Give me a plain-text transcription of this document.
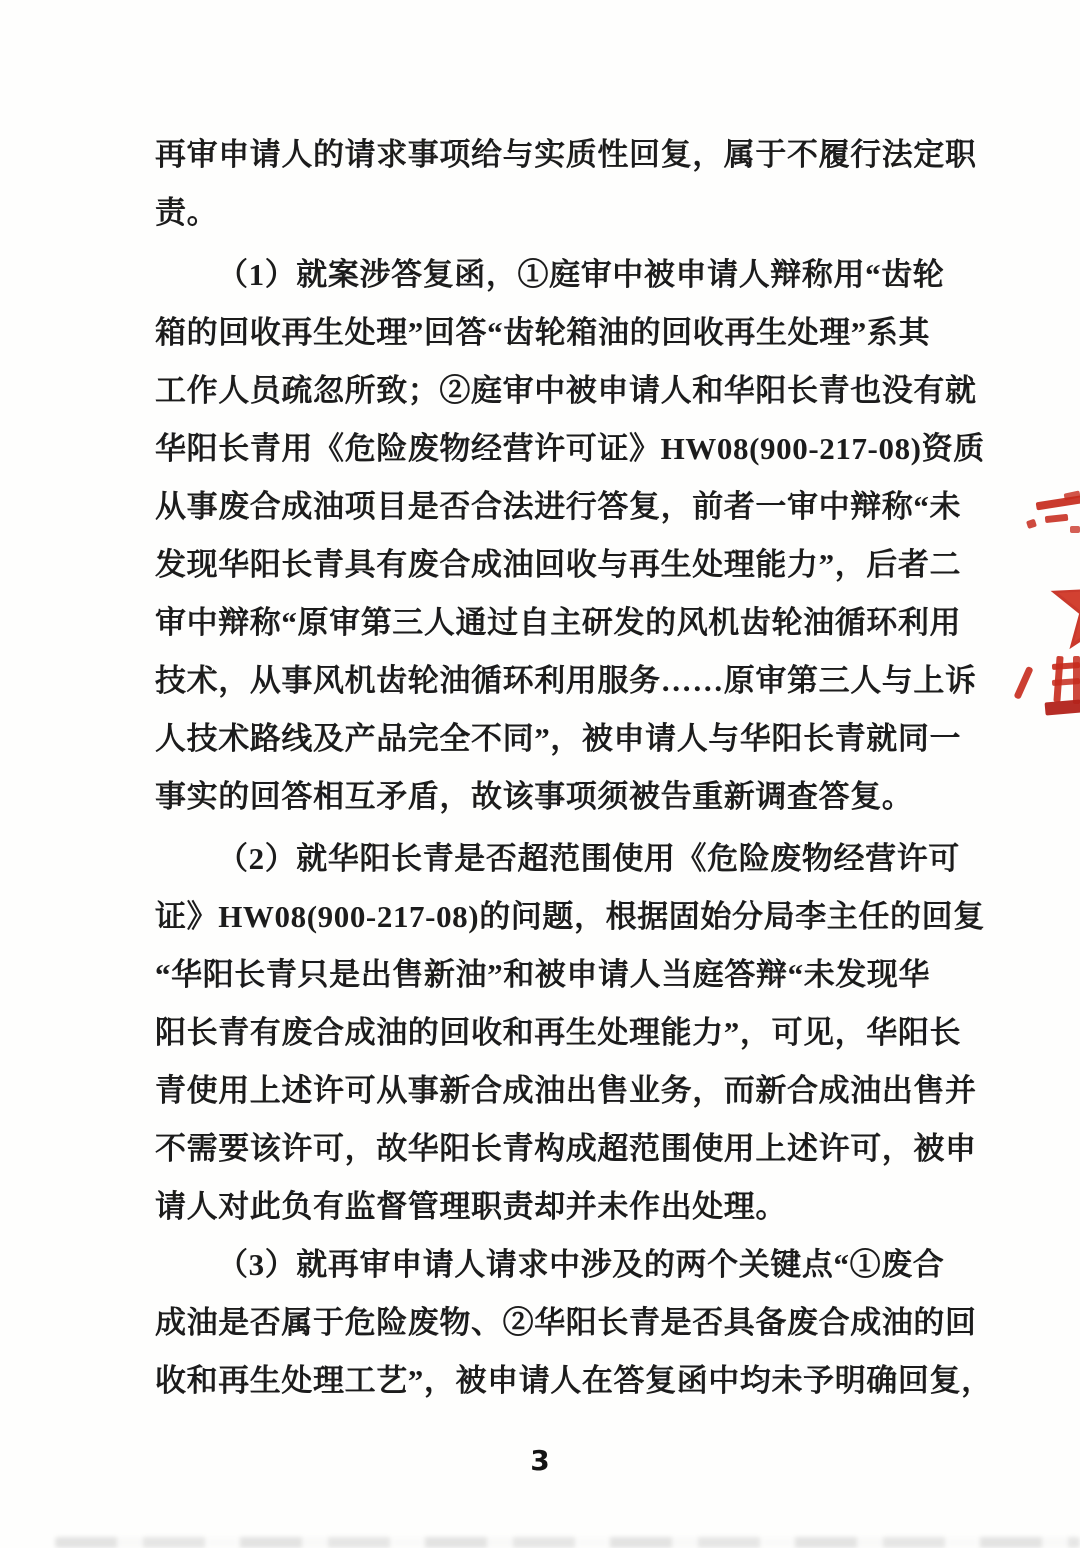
再审申请人的请求事项给与实质性回复，属于不履行法定职
责。
（1）就案涉答复函，①庭审中被申请人辩称用“齿轮
箱的回收再生处理”回答“齿轮箱油的回收再生处理”系其
工作人员疏忽所致；②庭审中被申请人和华阳长青也没有就
华阳长青用《危险废物经营许可证》HW08(900-217-08)资质
从事废合成油项目是否合法进行答复，前者一审中辩称“未
发现华阳长青具有废合成油回收与再生处理能力”，后者二
审中辩称“原审第三人通过自主研发的风机齿轮油循环利用
技术，从事风机齿轮油循环利用服务……原审第三人与上诉
人技术路线及产品完全不同”，被申请人与华阳长青就同一
事实的回答相互矛盾，故该事项须被告重新调查答复。
（2）就华阳长青是否超范围使用《危险废物经营许可
证》HW08(900-217-08)的问题，根据固始分局李主任的回复
“华阳长青只是出售新油”和被申请人当庭答辩“未发现华
阳长青有废合成油的回收和再生处理能力”，可见，华阳长
青使用上述许可从事新合成油出售业务，而新合成油出售并
不需要该许可，故华阳长青构成超范围使用上述许可，被申
请人对此负有监督管理职责却并未作出处理。
（3）就再审申请人请求中涉及的两个关键点“①废合
成油是否属于危险废物、②华阳长青是否具备废合成油的回
收和再生处理工艺”，被申请人在答复函中均未予明确回复，
3
